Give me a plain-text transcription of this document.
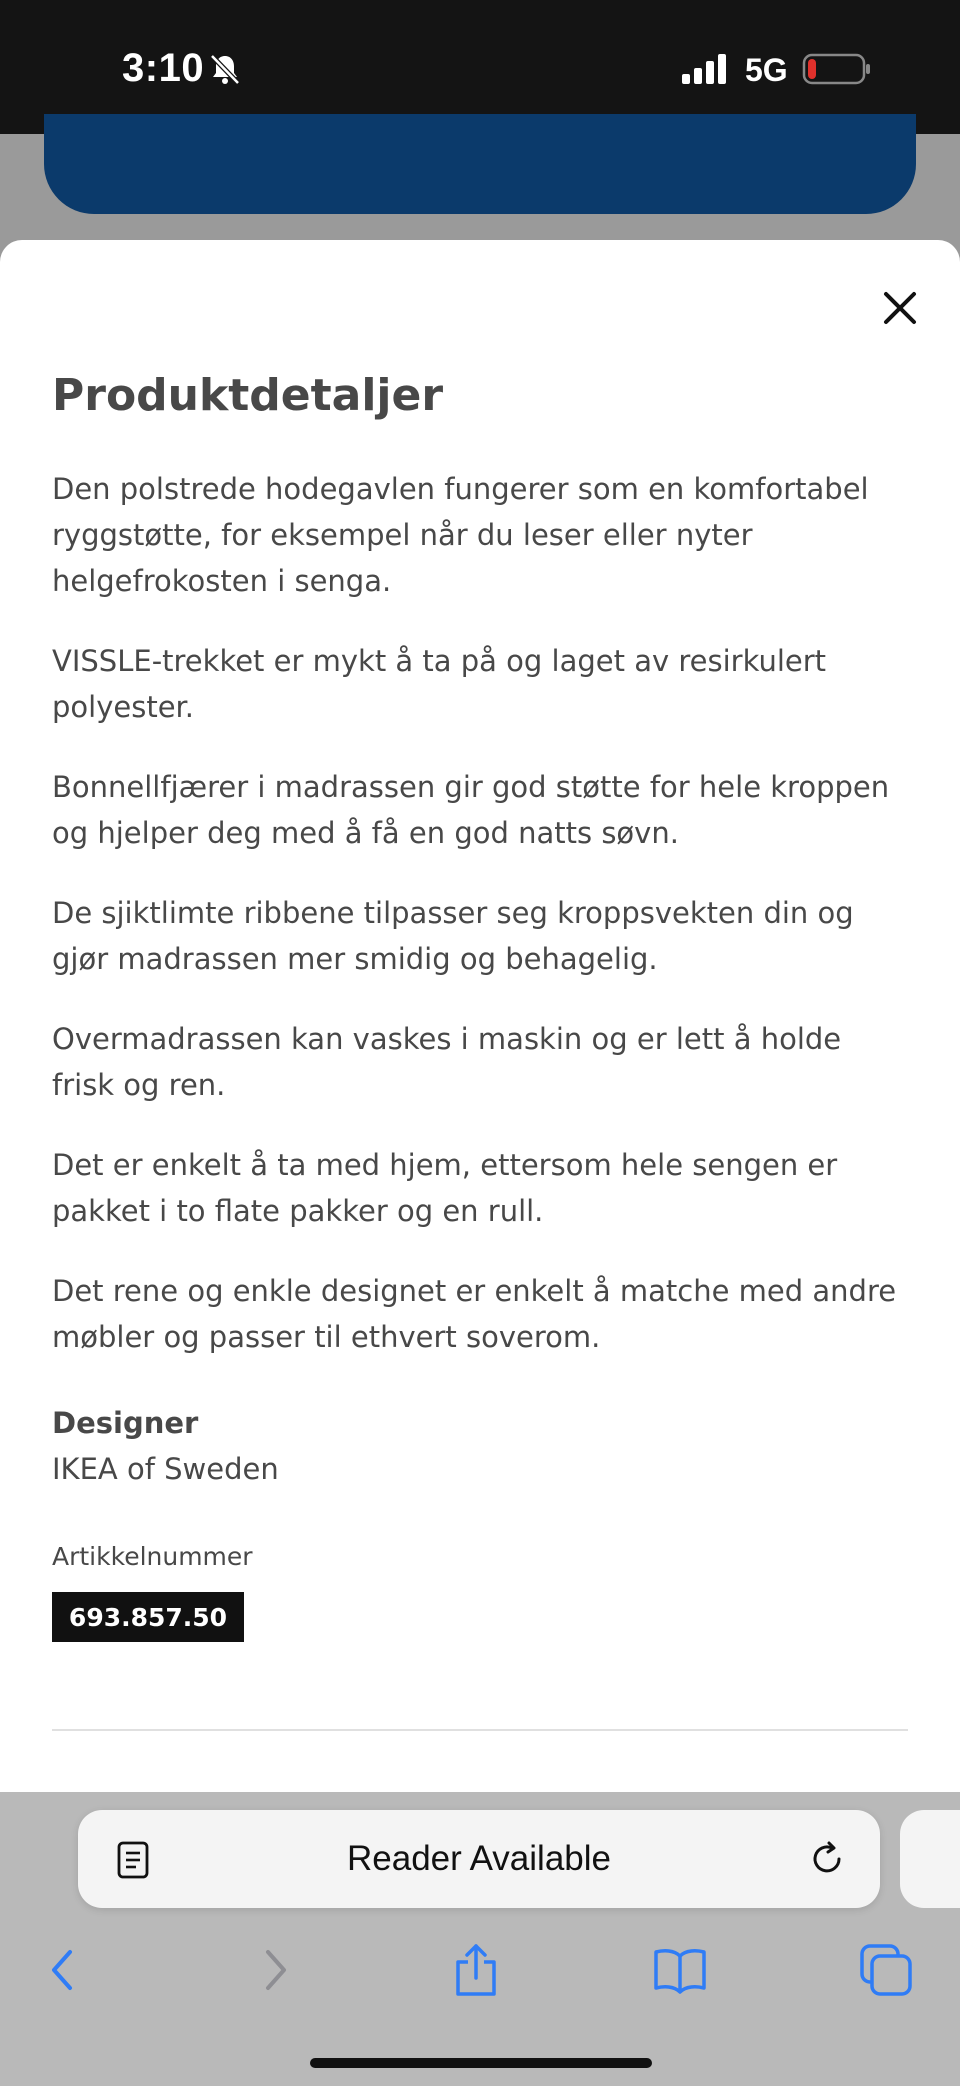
3:10	5G
Produktdetaljer

Den polstrede hodegavlen fungerer som en komfortabel ryggstøtte, for eksempel når du leser eller nyter helgefrokosten i senga.

VISSLE-trekket er mykt å ta på og laget av resirkulert polyester.

Bonnellfjærer i madrassen gir god støtte for hele kroppen og hjelper deg med å få en god natts søvn.

De sjiktlimte ribbene tilpasser seg kroppsvekten din og gjør madrassen mer smidig og behagelig.

Overmadrassen kan vaskes i maskin og er lett å holde frisk og ren.

Det er enkelt å ta med hjem, ettersom hele sengen er pakket i to flate pakker og en rull.

Det rene og enkle designet er enkelt å matche med andre møbler og passer til ethvert soverom.

Designer
IKEA of Sweden
Artikkelnummer
693.857.50
Reader Available
